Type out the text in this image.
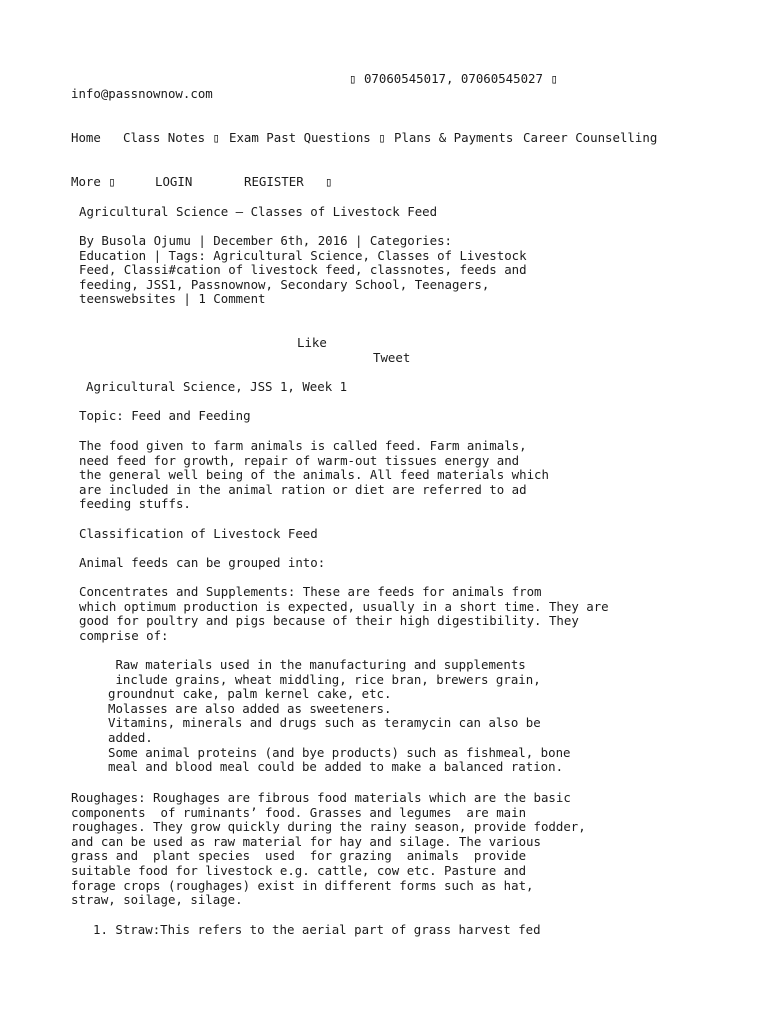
▯ 07060545017, 07060545027 ▯
info@passnownow.com
Home Class Notes ▯ Exam Past Questions ▯ Plans & Payments Career Counselling
More ▯	LOGIN	REGISTER ▯
Agricultural Science – Classes of Livestock Feed
By Busola Ojumu | December 6th, 2016 | Categories:
Education | Tags: Agricultural Science, Classes of Livestock
Feed, Classi#cation of livestock feed, classnotes, feeds and
feeding, JSS1, Passnownow, Secondary School, Teenagers,
teenswebsites | 1 Comment
Like
Tweet
Agricultural Science, JSS 1, Week 1
Topic: Feed and Feeding
The food given to farm animals is called feed. Farm animals,
need feed for growth, repair of warm-out tissues energy and
the general well being of the animals. All feed materials which
are included in the animal ration or diet are referred to ad
feeding stuffs.
Classification of Livestock Feed
Animal feeds can be grouped into:
Concentrates and Supplements: These are feeds for animals from
which optimum production is expected, usually in a short time. They are
good for poultry and pigs because of their high digestibility. They
comprise of:
Raw materials used in the manufacturing and supplements
include grains, wheat middling, rice bran, brewers grain,
groundnut cake, palm kernel cake, etc.
Molasses are also added as sweeteners.
Vitamins, minerals and drugs such as teramycin can also be
added.
Some animal proteins (and bye products) such as fishmeal, bone
meal and blood meal could be added to make a balanced ration.
Roughages: Roughages are fibrous food materials which are the basic
components  of ruminants’ food. Grasses and legumes  are main
roughages. They grow quickly during the rainy season, provide fodder,
and can be used as raw material for hay and silage. The various
grass and  plant species  used  for grazing  animals  provide
suitable food for livestock e.g. cattle, cow etc. Pasture and
forage crops (roughages) exist in different forms such as hat,
straw, soilage, silage.
1. Straw:This refers to the aerial part of grass harvest fed
